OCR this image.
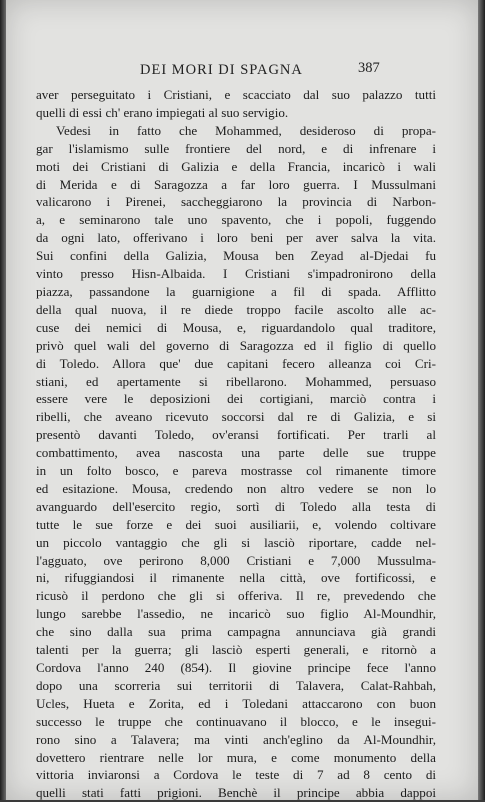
DEI MORI DI SPAGNA	387
aver perseguitato i Cristiani, e scacciato dal suo palazzo tutti
quelli di essi ch' erano impiegati al suo servigio.
Vedesi in fatto che Mohammed, desideroso di propa-
gar l'islamismo sulle frontiere del nord, e di infrenare i
moti dei Cristiani di Galizia e della Francia, incaricò i wali
di Merida e di Saragozza a far loro guerra. I Mussulmani
valicarono i Pirenei, saccheggiarono la provincia di Narbon-
a, e seminarono tale uno spavento, che i popoli, fuggendo
da ogni lato, offerivano i loro beni per aver salva la vita.
Sui confini della Galizia, Mousa ben Zeyad al-Djedai fu
vinto presso Hisn-Albaida. I Cristiani s'impadronirono della
piazza, passandone la guarnigione a fil di spada. Afflitto
della qual nuova, il re diede troppo facile ascolto alle ac-
cuse dei nemici di Mousa, e, riguardandolo qual traditore,
privò quel wali del governo di Saragozza ed il figlio di quello
di Toledo. Allora que' due capitani fecero alleanza coi Cri-
stiani, ed apertamente si ribellarono. Mohammed, persuaso
essere vere le deposizioni dei cortigiani, marciò contra i
ribelli, che aveano ricevuto soccorsi dal re di Galizia, e si
presentò davanti Toledo, ov'eransi fortificati. Per trarli al
combattimento, avea nascosta una parte delle sue truppe
in un folto bosco, e pareva mostrasse col rimanente timore
ed esitazione. Mousa, credendo non altro vedere se non lo
avanguardo dell'esercito regio, sortì di Toledo alla testa di
tutte le sue forze e dei suoi ausiliarii, e, volendo coltivare
un piccolo vantaggio che gli si lasciò riportare, cadde nel-
l'agguato, ove perirono 8,000 Cristiani e 7,000 Mussulma-
ni, rifuggiandosi il rimanente nella città, ove fortificossi, e
ricusò il perdono che gli si offeriva. Il re, prevedendo che
lungo sarebbe l'assedio, ne incaricò suo figlio Al-Moundhir,
che sino dalla sua prima campagna annunciava già grandi
talenti per la guerra; gli lasciò esperti generali, e ritornò a
Cordova l'anno 240 (854). Il giovine principe fece l'anno
dopo una scorreria sui territorii di Talavera, Calat-Rahbah,
Ucles, Hueta e Zorita, ed i Toledani attaccarono con buon
successo le truppe che continuavano il blocco, e le insegui-
rono sino a Talavera; ma vinti anch'eglino da Al-Moundhir,
dovettero rientrare nelle lor mura, e come monumento della
vittoria inviaronsi a Cordova le teste di 7 ad 8 cento di
quelli stati fatti prigioni. Benchè il principe abbia dappoi
